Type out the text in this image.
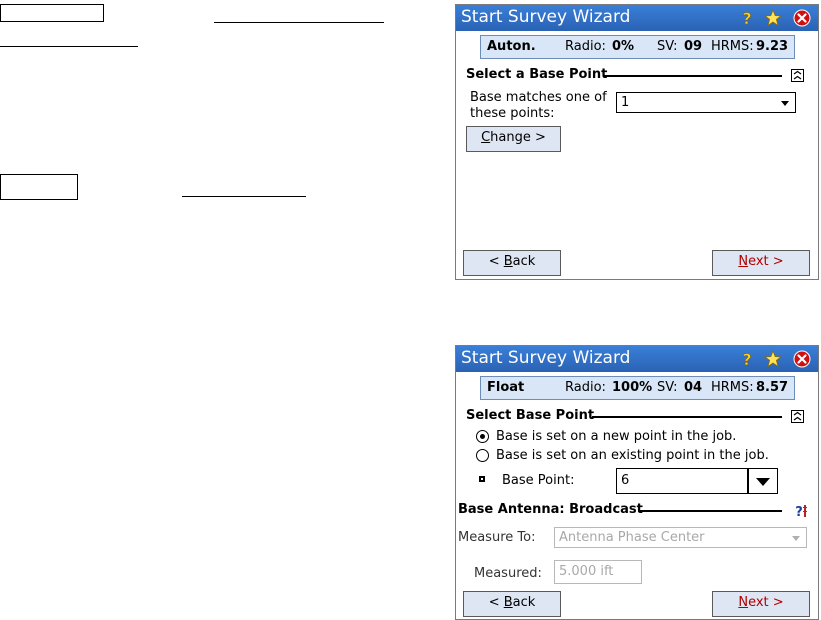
Start Survey Wizard	?
Auton. Radio: 0% SV: 09 HRMS: 9.23
Select a Base Point
Base matches one of
these points:
1
Change >
< Back	Next >
Start Survey Wizard	?
Float	Radio: 100% SV: 04 HRMS: 8.57
Select Base Point
Base is set on a new point in the job.
Base is set on an existing point in the job.
Base Point:	6
Base Antenna: Broadcast	?
Measure To: Antenna Phase Center
Measured: 5.000 ift
< Back	Next >
